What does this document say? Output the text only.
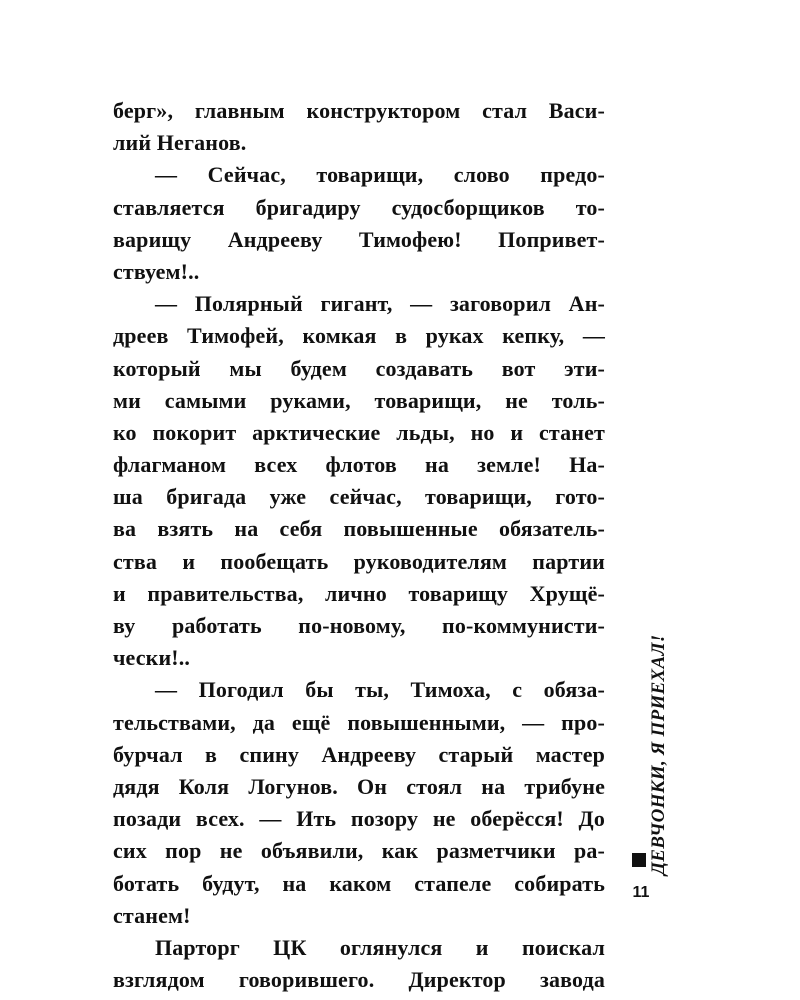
берг», главным конструктором стал Васи-
лий Неганов.
— Сейчас, товарищи, слово предо-
ставляется бригадиру судосборщиков то-
варищу Андрееву Тимофею! Попривет-
ствуем!..
— Полярный гигант, — заговорил Ан-
дреев Тимофей, комкая в руках кепку, —
который мы будем создавать вот эти-
ми самыми руками, товарищи, не толь-
ко покорит арктические льды, но и станет
флагманом всех флотов на земле! На-
ша бригада уже сейчас, товарищи, гото-
ва взять на себя повышенные обязатель-
ства и пообещать руководителям партии
и правительства, лично товарищу Хрущё-
ву работать по-новому, по-коммунисти-
чески!..
— Погодил бы ты, Тимоха, с обяза-
тельствами, да ещё повышенными, — про-
бурчал в спину Андрееву старый мастер
дядя Коля Логунов. Он стоял на трибуне
позади всех. — Ить позору не оберёсся! До
сих пор не объявили, как разметчики ра-
ботать будут, на каком стапеле собирать
станем!
Парторг ЦК оглянулся и поискал
взглядом говорившего. Директор завода
ДЕВЧОНКИ, Я ПРИЕХАЛ!
11
